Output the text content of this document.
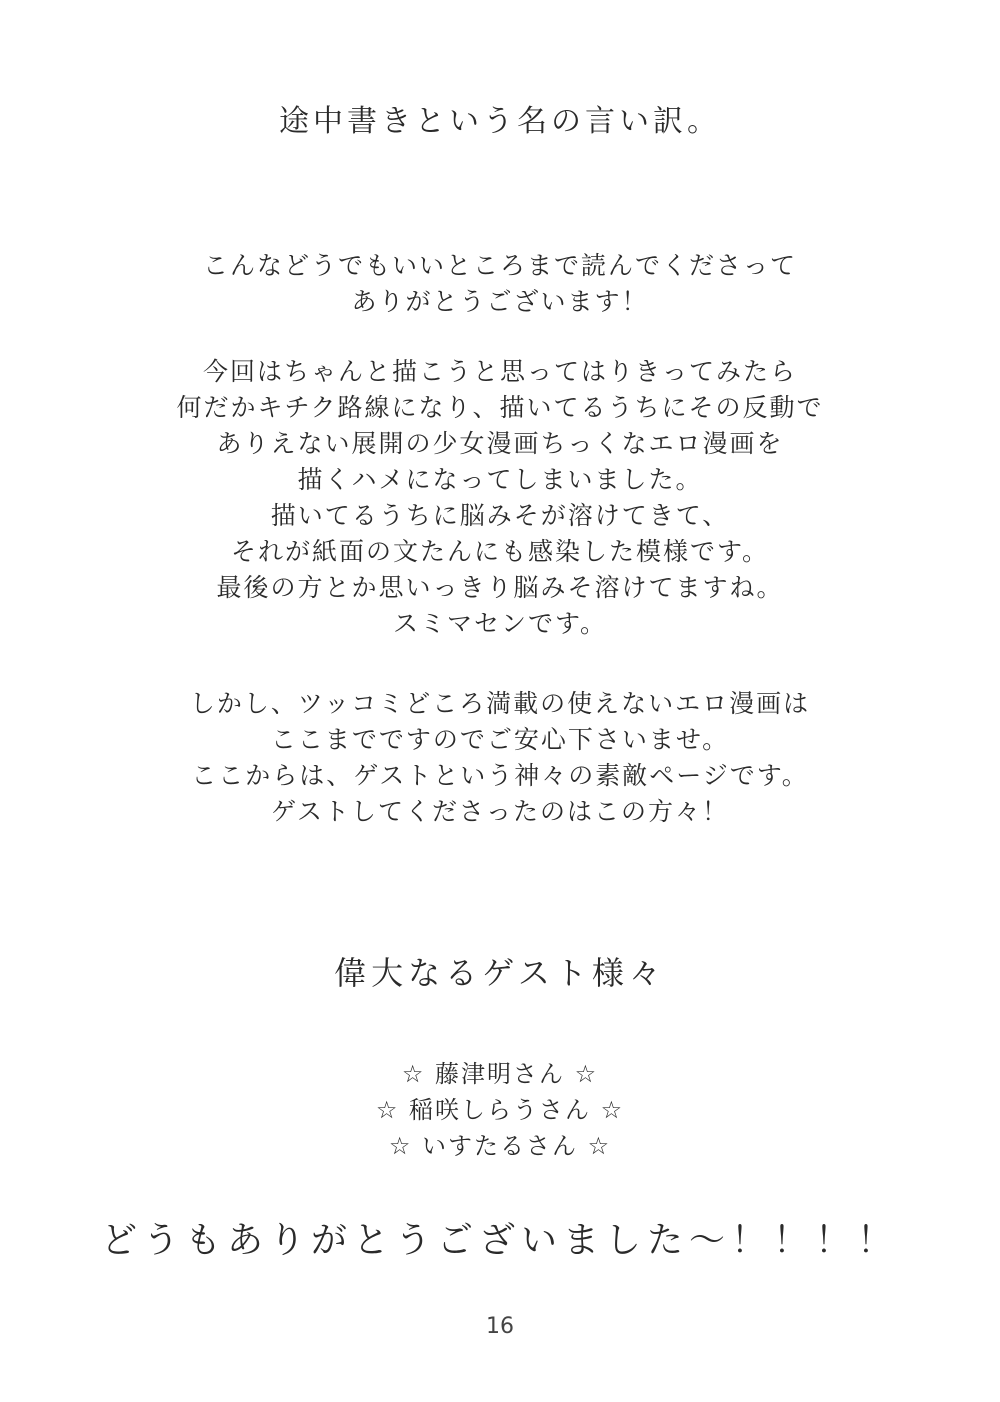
途中書きという名の言い訳。
こんなどうでもいいところまで読んでくださって
ありがとうございます！
今回はちゃんと描こうと思ってはりきってみたら
何だかキチク路線になり、描いてるうちにその反動で
ありえない展開の少女漫画ちっくなエロ漫画を
描くハメになってしまいました。
描いてるうちに脳みそが溶けてきて、
それが紙面の文たんにも感染した模様です。
最後の方とか思いっきり脳みそ溶けてますね。
スミマセンです。
しかし、ツッコミどころ満載の使えないエロ漫画は
ここまでですのでご安心下さいませ。
ここからは、ゲストという神々の素敵ページです。
ゲストしてくださったのはこの方々！
偉大なるゲスト様々
☆ 藤津明さん ☆
☆ 稲咲しらうさん ☆
☆ いすたるさん ☆
どうもありがとうございました～！！！！
16
